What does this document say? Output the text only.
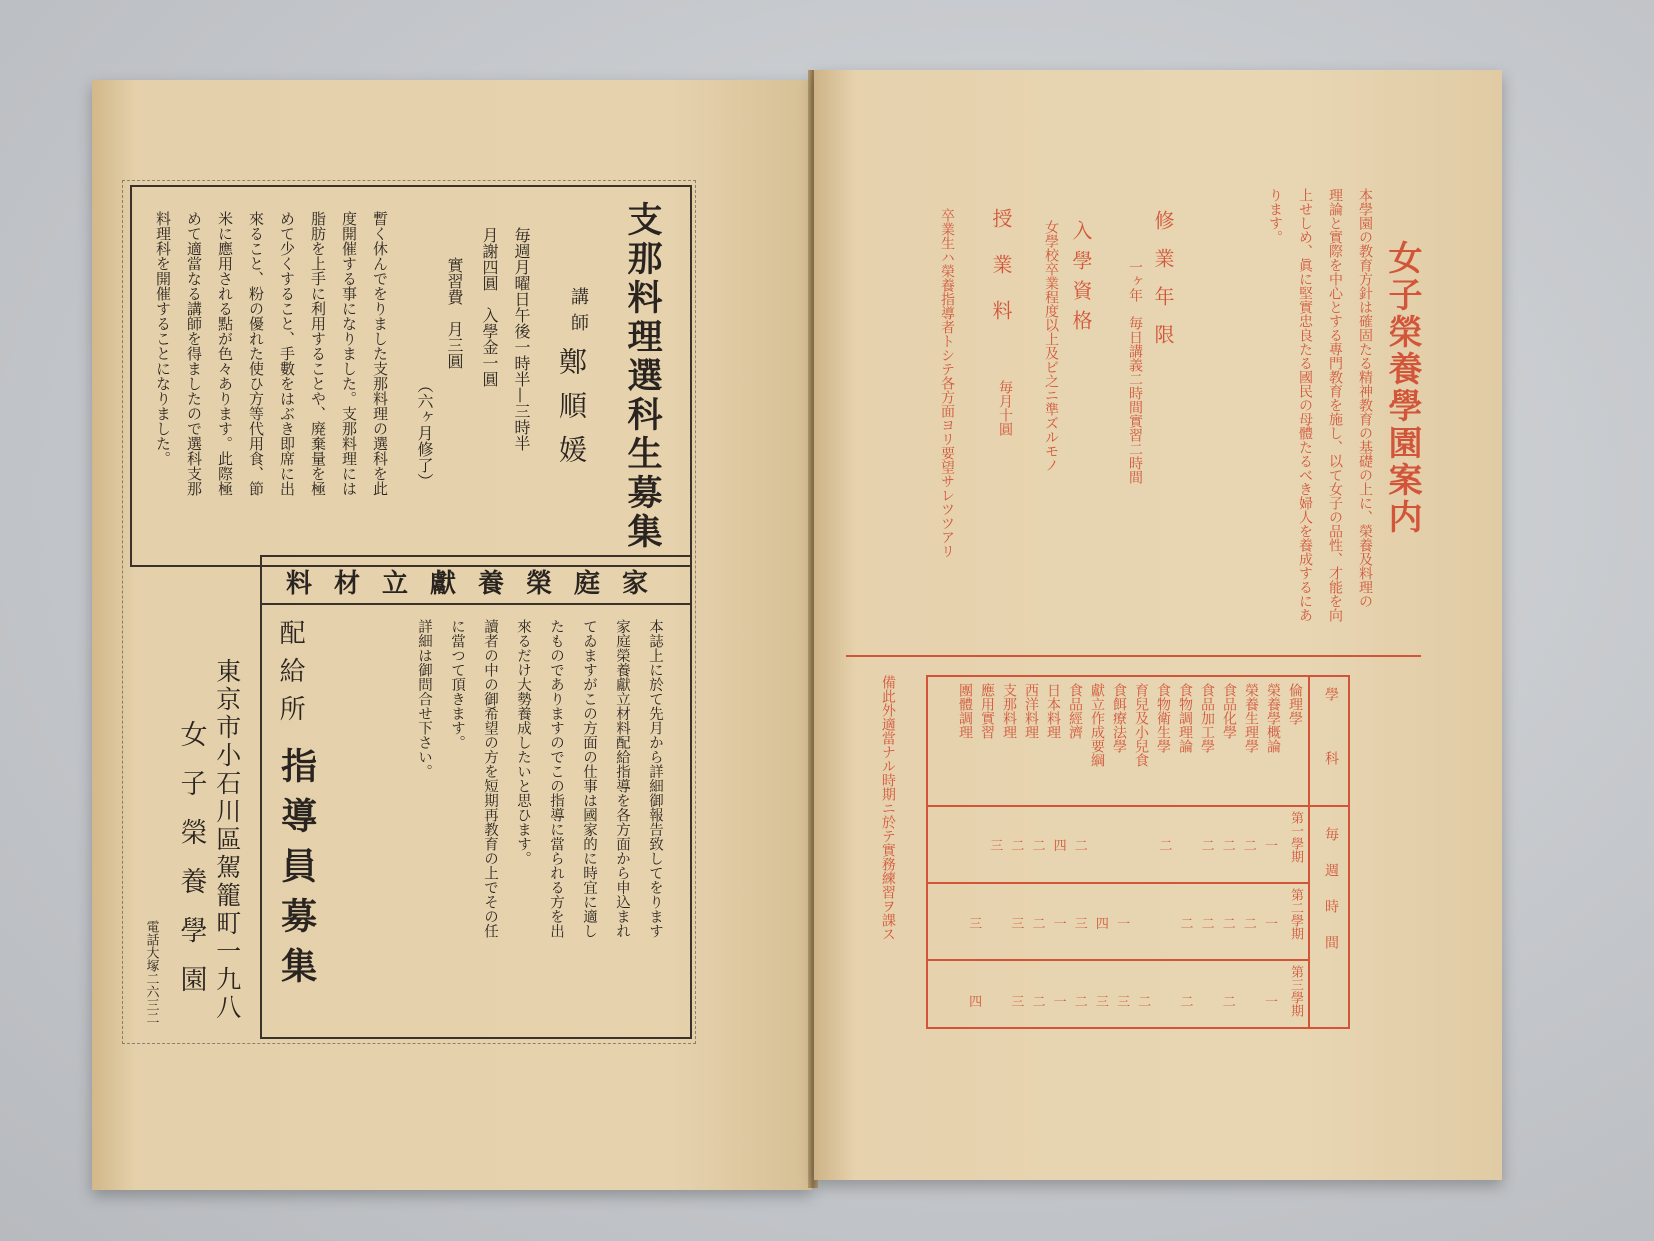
支那料理選科生募集
講師
鄭順媛
毎週月曜日午後一時半—三時半
月謝四圓　入學金一圓
實習費　月三圓
（六ヶ月修了）
暫く休んでをりました支那料理の選科を此
度開催する事になりました。支那料理には
脂肪を上手に利用することや、廃棄量を極
めて少くすること、手數をはぶき即席に出
來ること、粉の優れた使ひ方等代用食、節
米に應用される點が色々あります。此際極
めて適當なる講師を得ましたので選科支那
料理科を開催することになりました。
家庭榮養獻立材料
配給所
指導員募集	本誌上に於て先月から詳細御報告致してをります
家庭榮養獻立材料配給指導を各方面から申込まれ
てゐますがこの方面の仕事は國家的に時宜に適し
たものでありますのでこの指導に當られる方を出
來るだけ大勢養成したいと思ひます。
讀者の中の御希望の方を短期再教育の上でその任
に當つて頂きます。
詳細は御問合せ下さい。
東京市小石川區駕籠町一九八
女子榮養學園
電話大塚二六三二
女子榮養學園案内
本學園の教育方針は確固たる精神教育の基礎の上に、榮養及料理の
理論と實際を中心とする專門教育を施し、以て女子の品性、才能を向
上せしめ、眞に堅實忠良たる國民の母體たるべき婦人を養成するにあ
ります。
修業年限
一ヶ年　毎日講義二時間實習二時間
入學資格
女學校卒業程度以上及ビ之ニ準ズルモノ
授業料
毎月十圓
卒業生ハ榮養指導者トシテ各方面ヨリ要望サレツツアリ
學科
毎週時間
倫理學
榮養學概論
榮養生理學
食品化學
食品加工學
食物調理論
食物衛生學
育兒及小兒食
食餌療法學
獻立作成要綱
食品經濟
日本料理
西洋料理
支那料理
應用實習
團體調理
第一學期
第二學期
第三學期
一 二 二 二 　 二 　 　 　 二 四 二 二 三
一 二 二 二 二 　 　 一 四 三 一 二 三 　 三
一 　 二 　 二 　 二 三 三 二 一 二 三 　 四
備此外適當ナル時期ニ於テ實務練習ヲ課ス
